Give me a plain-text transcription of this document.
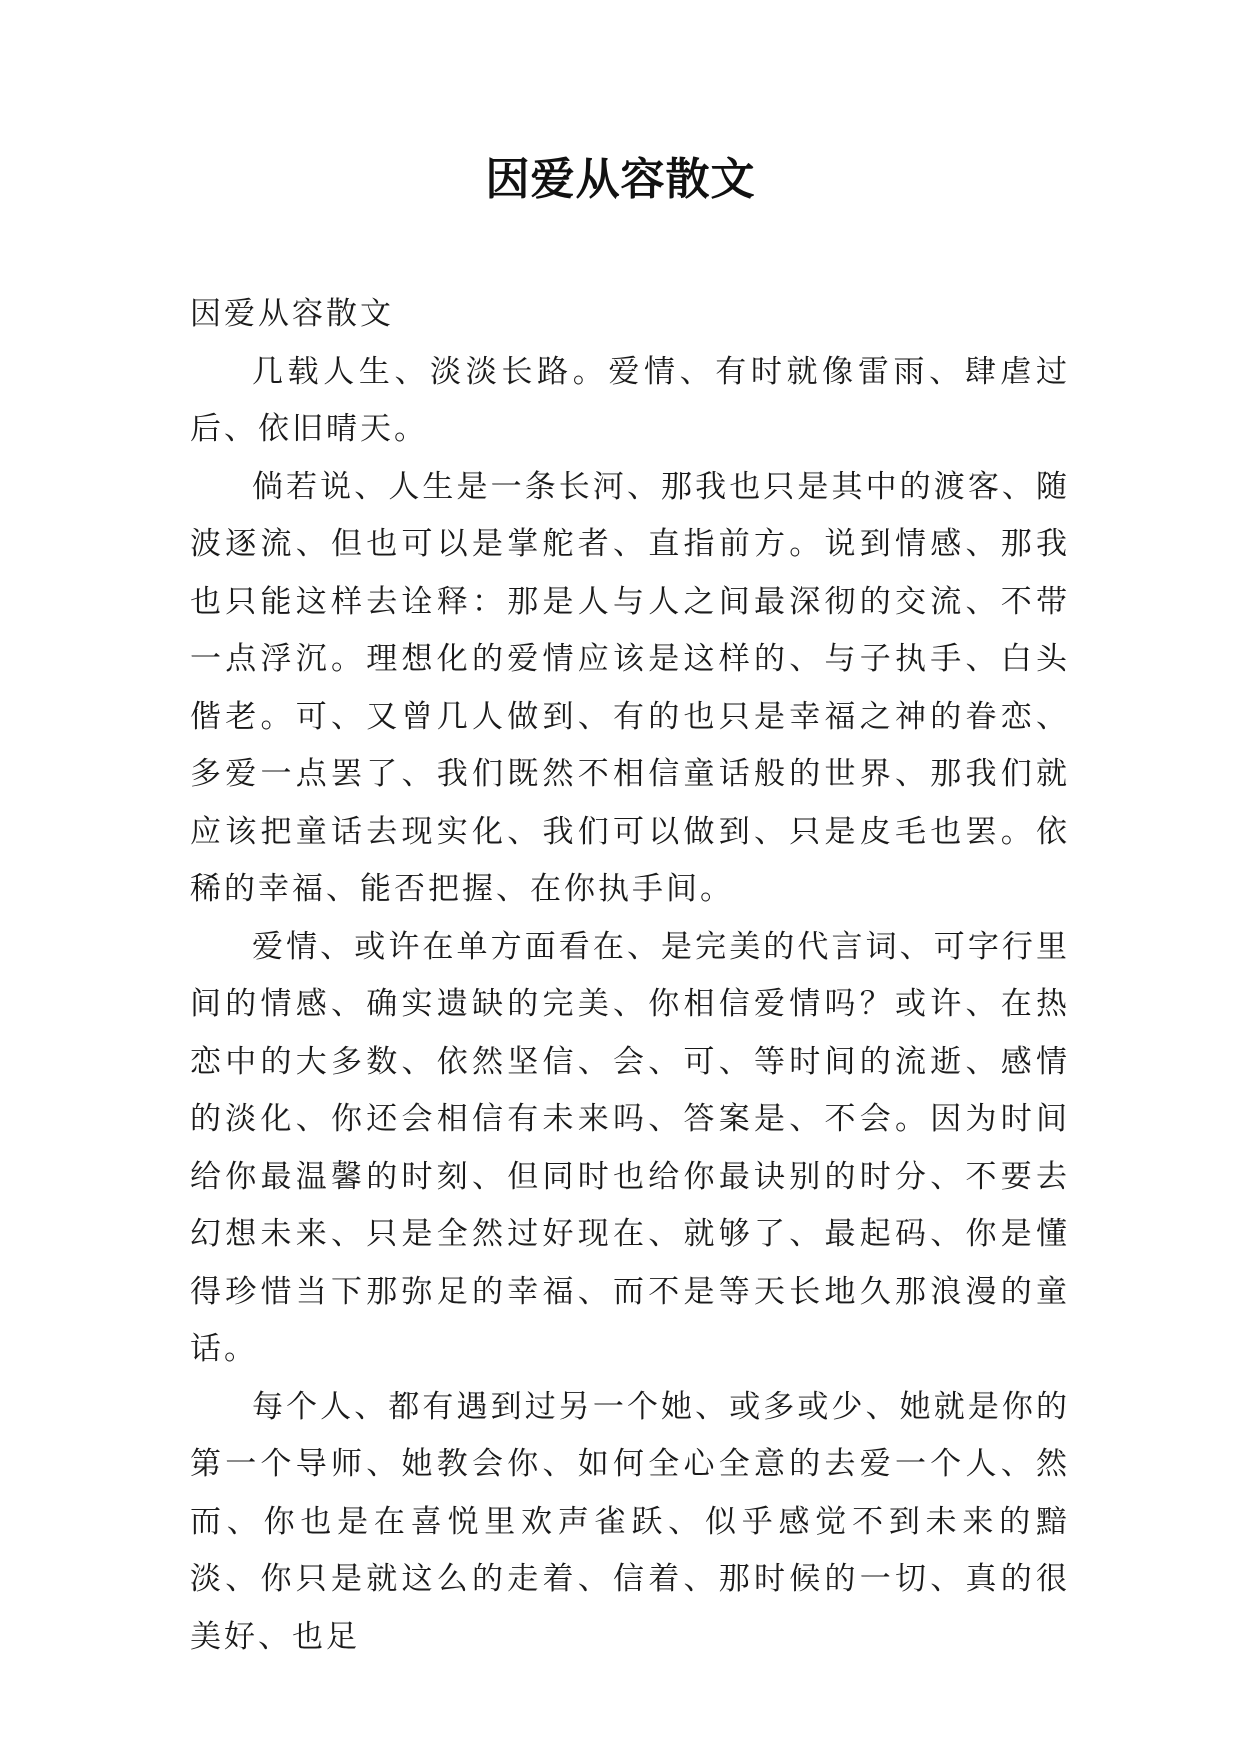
因爱从容散文

因爱从容散文

几载人生、淡淡长路。爱情、有时就像雷雨、肆虐过后、依旧晴天。

倘若说、人生是一条长河、那我也只是其中的渡客、随波逐流、但也可以是掌舵者、直指前方。说到情感、那我也只能这样去诠释：那是人与人之间最深彻的交流、不带一点浮沉。理想化的爱情应该是这样的、与子执手、白头偕老。可、又曾几人做到、有的也只是幸福之神的眷恋、多爱一点罢了、我们既然不相信童话般的世界、那我们就应该把童话去现实化、我们可以做到、只是皮毛也罢。依稀的幸福、能否把握、在你执手间。

爱情、或许在单方面看在、是完美的代言词、可字行里间的情感、确实遗缺的完美、你相信爱情吗？或许、在热恋中的大多数、依然坚信、会、可、等时间的流逝、感情的淡化、你还会相信有未来吗、答案是、不会。因为时间给你最温馨的时刻、但同时也给你最诀别的时分、不要去幻想未来、只是全然过好现在、就够了、最起码、你是懂得珍惜当下那弥足的幸福、而不是等天长地久那浪漫的童话。

每个人、都有遇到过另一个她、或多或少、她就是你的第一个导师、她教会你、如何全心全意的去爱一个人、然而、你也是在喜悦里欢声雀跃、似乎感觉不到未来的黯淡、你只是就这么的走着、信着、那时候的一切、真的很美好、也足
